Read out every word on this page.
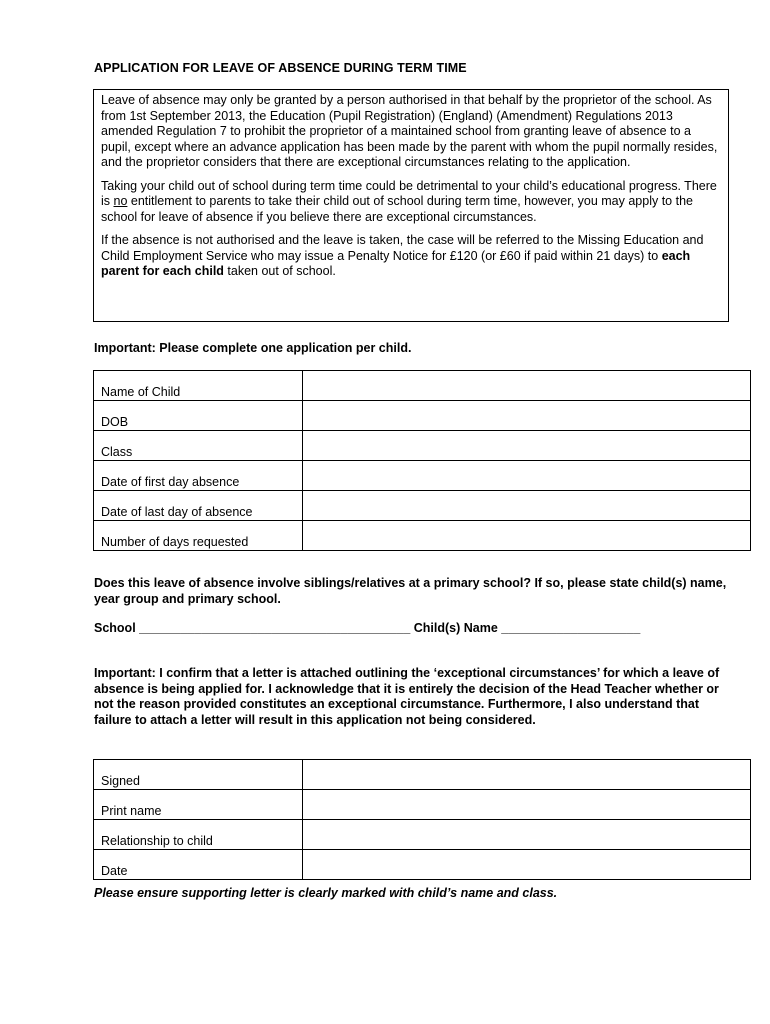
APPLICATION FOR LEAVE OF ABSENCE DURING TERM TIME

Leave of absence may only be granted by a person authorised in that behalf by the proprietor of the school. As from 1st September 2013, the Education (Pupil Registration) (England) (Amendment) Regulations 2013 amended Regulation 7 to prohibit the proprietor of a maintained school from granting leave of absence to a pupil, except where an advance application has been made by the parent with whom the pupil normally resides, and the proprietor considers that there are exceptional circumstances relating to the application.

Taking your child out of school during term time could be detrimental to your child’s educational progress. There is no entitlement to parents to take their child out of school during term time, however, you may apply to the school for leave of absence if you believe there are exceptional circumstances.

If the absence is not authorised and the leave is taken, the case will be referred to the Missing Education and Child Employment Service who may issue a Penalty Notice for £120 (or £60 if paid within 21 days) to each parent for each child taken out of school.

Important: Please complete one application per child.
Name of Child	
DOB	
Class	
Date of first day absence	
Date of last day of absence	
Number of days requested	
Does this leave of absence involve siblings/relatives at a primary school? If so, please state child(s) name, year group and primary school.
School _______________________________________ Child(s) Name ____________________
Important: I confirm that a letter is attached outlining the ‘exceptional circumstances’ for which a leave of absence is being applied for. I acknowledge that it is entirely the decision of the Head Teacher whether or not the reason provided constitutes an exceptional circumstance. Furthermore, I also understand that failure to attach a letter will result in this application not being considered.
Signed	
Print name	
Relationship to child	
Date	
Please ensure supporting letter is clearly marked with child’s name and class.
